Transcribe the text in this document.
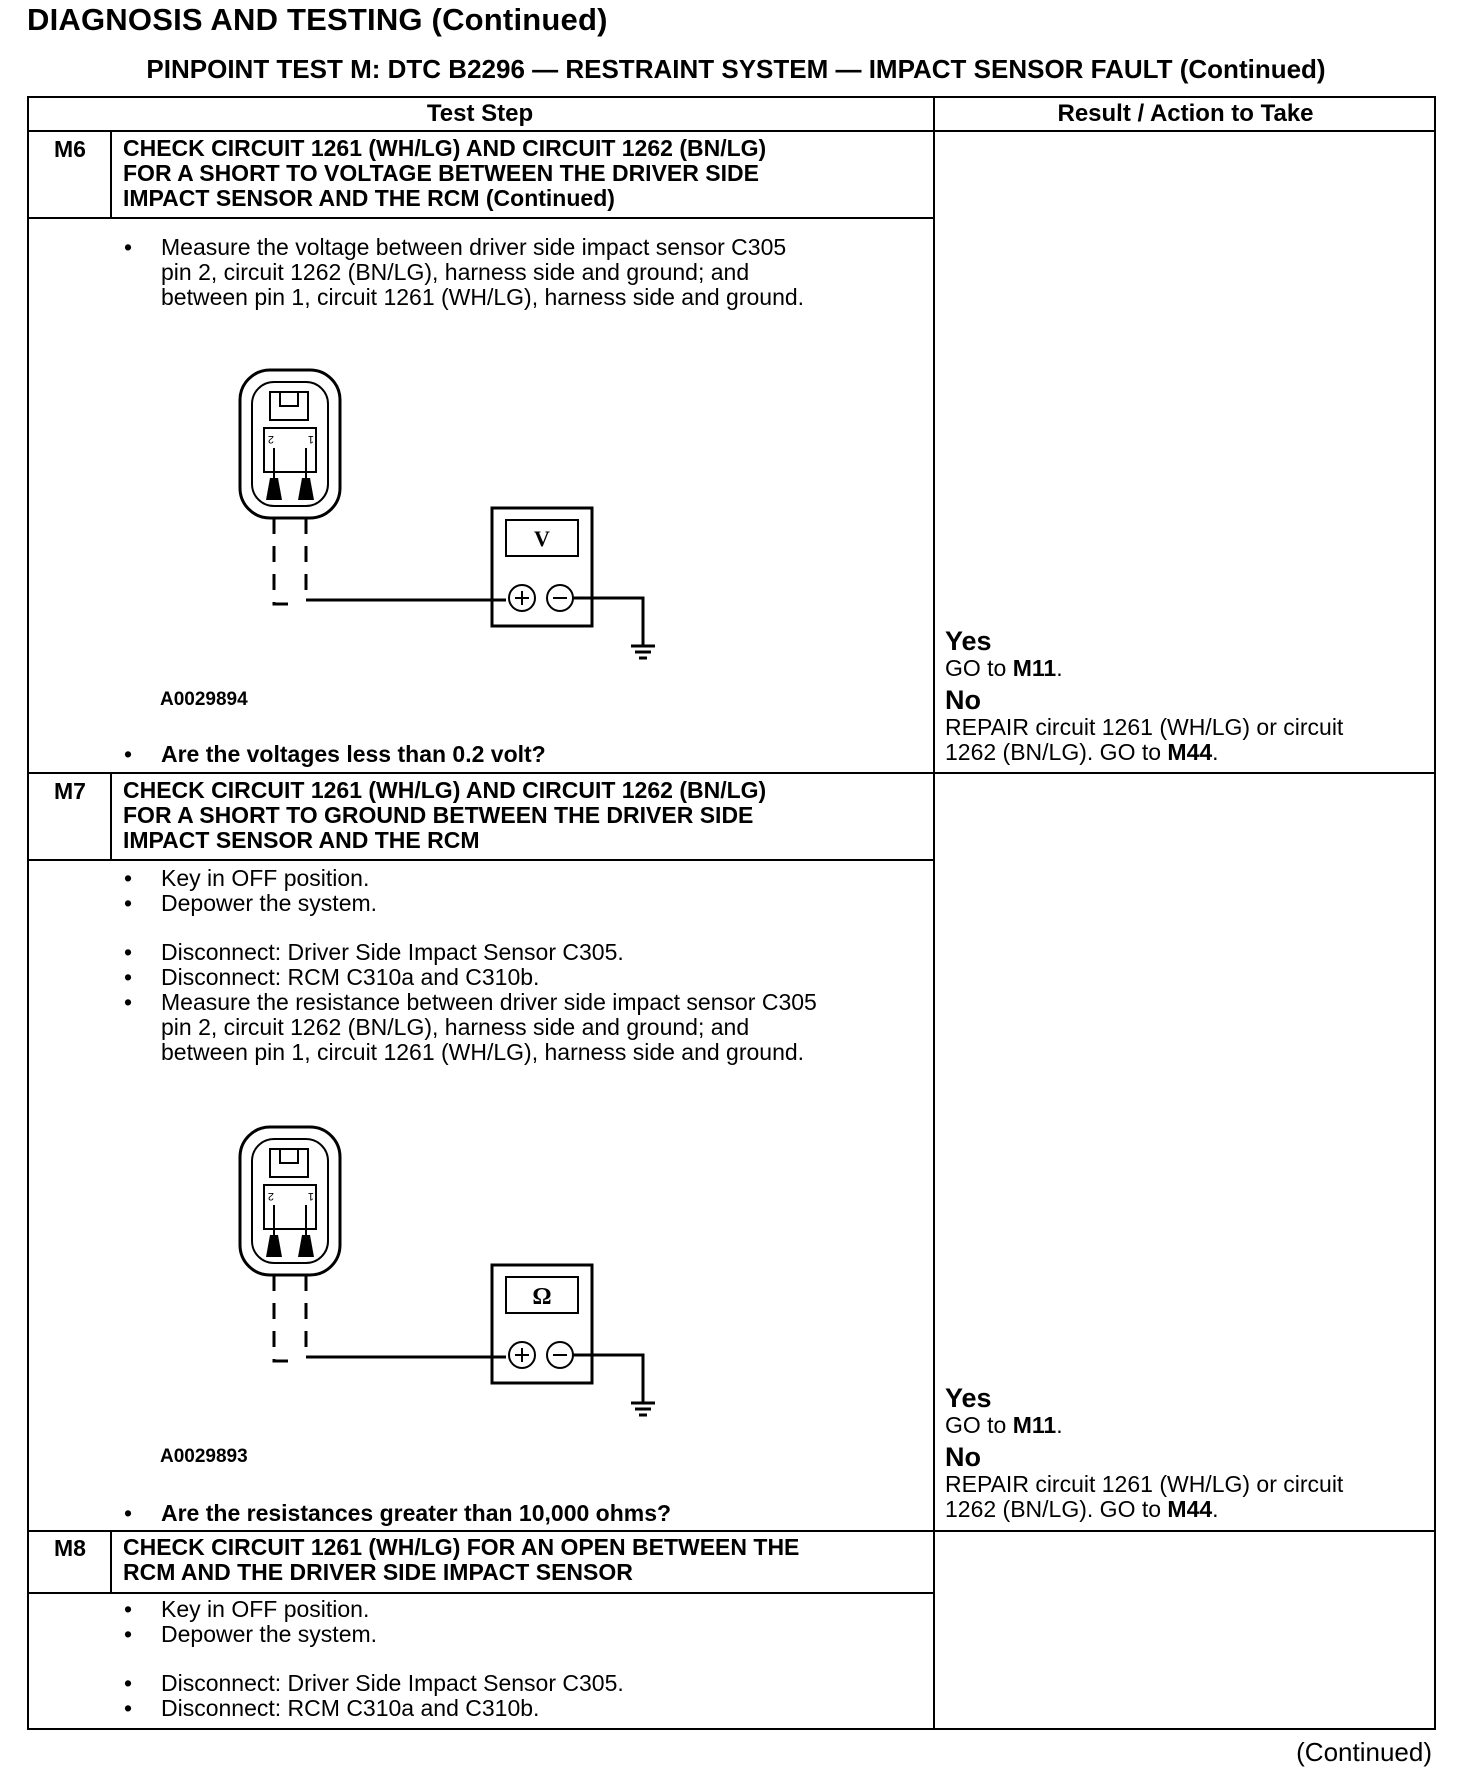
DIAGNOSIS AND TESTING (Continued)
PINPOINT TEST M: DTC B2296 — RESTRAINT SYSTEM — IMPACT SENSOR FAULT (Continued)
Test Step	Result / Action to Take
M6	CHECK CIRCUIT 1261 (WH/LG) AND CIRCUIT 1262 (BN/LG)
FOR A SHORT TO VOLTAGE BETWEEN THE DRIVER SIDE
IMPACT SENSOR AND THE RCM (Continued)
• Measure the voltage between driver side impact sensor C305
pin 2, circuit 1262 (BN/LG), harness side and ground; and
between pin 1, circuit 1261 (WH/LG), harness side and ground.
2	1
V
A0029894
• Are the voltages less than 0.2 volt?
Yes
GO to M11.
No
REPAIR circuit 1261 (WH/LG) or circuit
1262 (BN/LG). GO to M44.
M7	CHECK CIRCUIT 1261 (WH/LG) AND CIRCUIT 1262 (BN/LG)
FOR A SHORT TO GROUND BETWEEN THE DRIVER SIDE
IMPACT SENSOR AND THE RCM
• Key in OFF position.
• Depower the system.
• Disconnect: Driver Side Impact Sensor C305.
• Disconnect: RCM C310a and C310b.
• Measure the resistance between driver side impact sensor C305
pin 2, circuit 1262 (BN/LG), harness side and ground; and
between pin 1, circuit 1261 (WH/LG), harness side and ground.
2	1
Ω
A0029893
• Are the resistances greater than 10,000 ohms?
Yes
GO to M11.
No
REPAIR circuit 1261 (WH/LG) or circuit
1262 (BN/LG). GO to M44.
M8	CHECK CIRCUIT 1261 (WH/LG) FOR AN OPEN BETWEEN THE
RCM AND THE DRIVER SIDE IMPACT SENSOR
• Key in OFF position.
• Depower the system.
• Disconnect: Driver Side Impact Sensor C305.
• Disconnect: RCM C310a and C310b.
(Continued)
